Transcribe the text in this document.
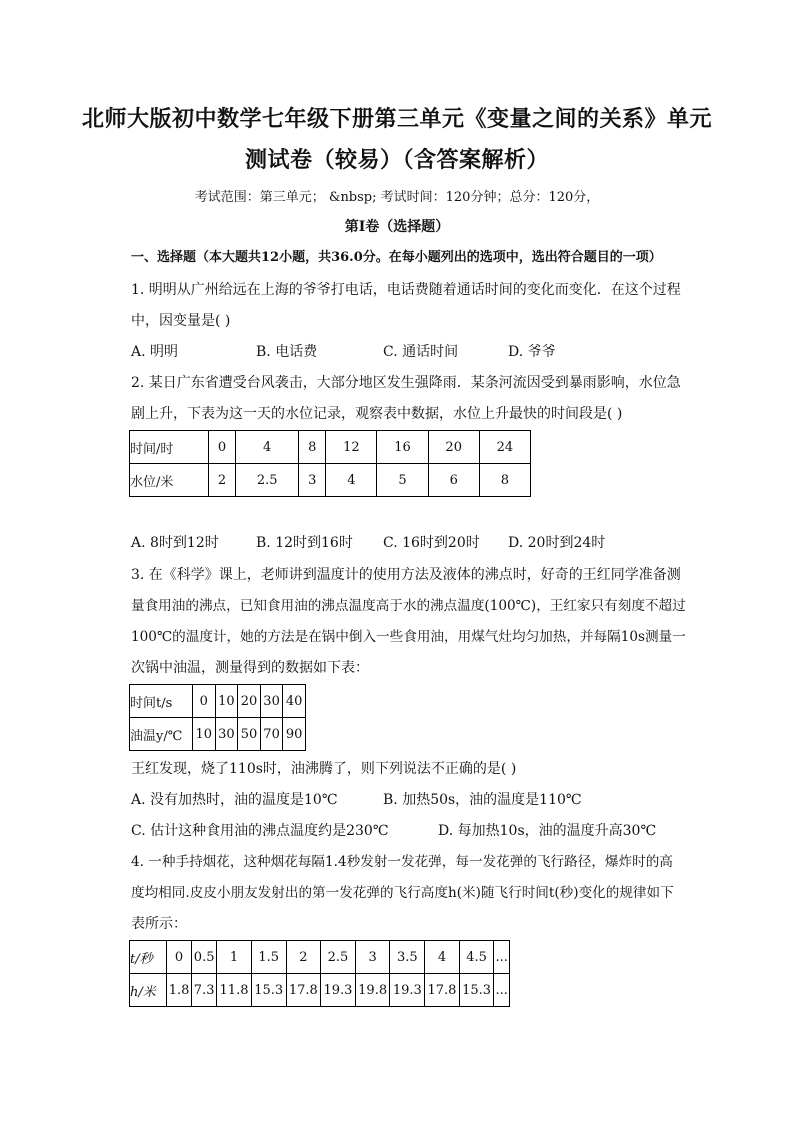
北师大版初中数学七年级下册第三单元《变量之间的关系》单元
测试卷（较易）（含答案解析）
考试范围：第三单元； &nbsp; 考试时间：120分钟；总分：120分，
第I卷（选择题）
一、选择题（本大题共12小题，共36.0分。在每小题列出的选项中，选出符合题目的一项）
1. 明明从广州给远在上海的爷爷打电话，电话费随着通话时间的变化而变化．在这个过程
中，因变量是( )
A. 明明	B. 电话费	C. 通话时间	D. 爷爷
2. 某日广东省遭受台风袭击，大部分地区发生强降雨．某条河流因受到暴雨影响，水位急
剧上升，下表为这一天的水位记录，观察表中数据，水位上升最快的时间段是( )
时间/时	0	4	8	12	16	20	24
水位/米	2	2.5	3	4	5	6	8
A. 8时到12时	B. 12时到16时 C. 16时到20时 D. 20时到24时
3. 在《科学》课上，老师讲到温度计的使用方法及液体的沸点时，好奇的王红同学准备测
量食用油的沸点，已知食用油的沸点温度高于水的沸点温度(100℃)，王红家只有刻度不超过
100℃的温度计，她的方法是在锅中倒入一些食用油，用煤气灶均匀加热，并每隔10s测量一
次锅中油温，测量得到的数据如下表：
时间t/s	0	10	20	30	40
油温y/℃	10	30	50	70	90
王红发现，烧了110s时，油沸腾了，则下列说法不正确的是( )
A. 没有加热时，油的温度是10℃	B. 加热50s，油的温度是110℃
C. 估计这种食用油的沸点温度约是230℃	D. 每加热10s，油的温度升高30℃
4. 一种手持烟花，这种烟花每隔1.4秒发射一发花弹，每一发花弹的飞行路径，爆炸时的高
度均相同.皮皮小朋友发射出的第一发花弹的飞行高度h(米)随飞行时间t(秒)变化的规律如下
表所示：
t/秒	0	0.5	1	1.5	2	2.5	3	3.5	4	4.5	...
h/米	1.8	7.3	11.8	15.3	17.8	19.3	19.8	19.3	17.8	15.3	...
